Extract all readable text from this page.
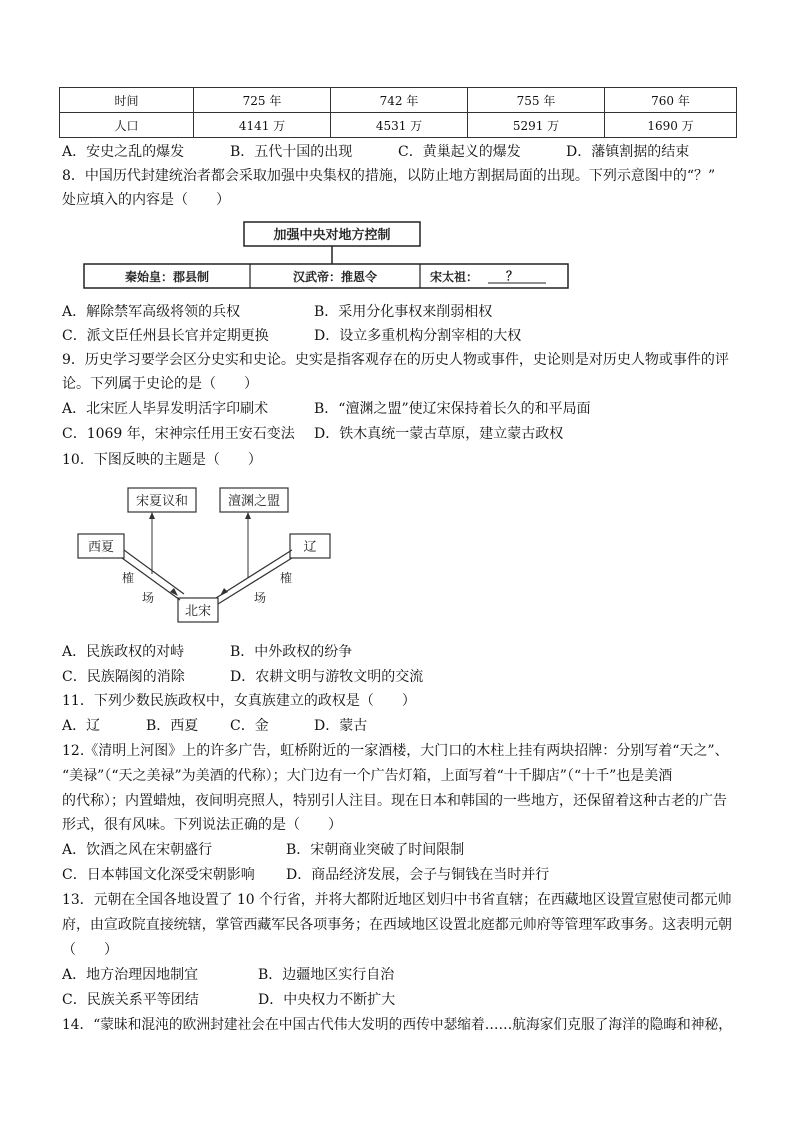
时间	725 年	742 年	755 年	760 年
人口	4141 万	4531 万	5291 万	1690 万
A．安史之乱的爆发	B．五代十国的出现	C．黄巢起义的爆发	D．藩镇割据的结束
8．中国历代封建统治者都会采取加强中央集权的措施，以防止地方割据局面的出现。下列示意图中的“？”
处应填入的内容是（　　）
加强中央对地方控制
秦始皇：郡县制	汉武帝：推恩令	宋太祖： ？
A．解除禁军高级将领的兵权	B．采用分化事权来削弱相权
C．派文臣任州县长官并定期更换	D．设立多重机构分割宰相的大权
9．历史学习要学会区分史实和史论。史实是指客观存在的历史人物或事件，史论则是对历史人物或事件的评
论。下列属于史论的是（　　）
A．北宋匠人毕昇发明活字印刷术	B．“澶渊之盟”使辽宋保持着长久的和平局面
C．1069 年，宋神宗任用王安石变法 D．铁木真统一蒙古草原，建立蒙古政权
10．下图反映的主题是（　　）
宋夏议和	澶渊之盟
西夏	辽
北宋
榷
场
榷
场
A．民族政权的对峙	B．中外政权的纷争
C．民族隔阂的消除	D．农耕文明与游牧文明的交流
11．下列少数民族政权中，女真族建立的政权是（　　）
A．辽	B．西夏 C．金	D．蒙古
12.《清明上河图》上的许多广告，虹桥附近的一家酒楼，大门口的木柱上挂有两块招牌：分别写着“天之”、
“美禄”（“天之美禄”为美酒的代称）；大门边有一个广告灯箱，上面写着“十千脚店”（“十千”也是美酒
的代称）；内置蜡烛，夜间明亮照人，特别引人注目。现在日本和韩国的一些地方，还保留着这种古老的广告
形式，很有风味。下列说法正确的是（　　）
A．饮酒之风在宋朝盛行	B．宋朝商业突破了时间限制
C．日本韩国文化深受宋朝影响 D．商品经济发展，会子与铜钱在当时并行
13．元朝在全国各地设置了 10 个行省，并将大都附近地区划归中书省直辖；在西藏地区设置宣慰使司都元帅
府，由宣政院直接统辖，掌管西藏军民各项事务；在西域地区设置北庭都元帅府等管理军政事务。这表明元朝
（　　）
A．地方治理因地制宜	B．边疆地区实行自治
C．民族关系平等团结	D．中央权力不断扩大
14．“蒙昧和混沌的欧洲封建社会在中国古代伟大发明的西传中瑟缩着……航海家们克服了海洋的隐晦和神秘，
